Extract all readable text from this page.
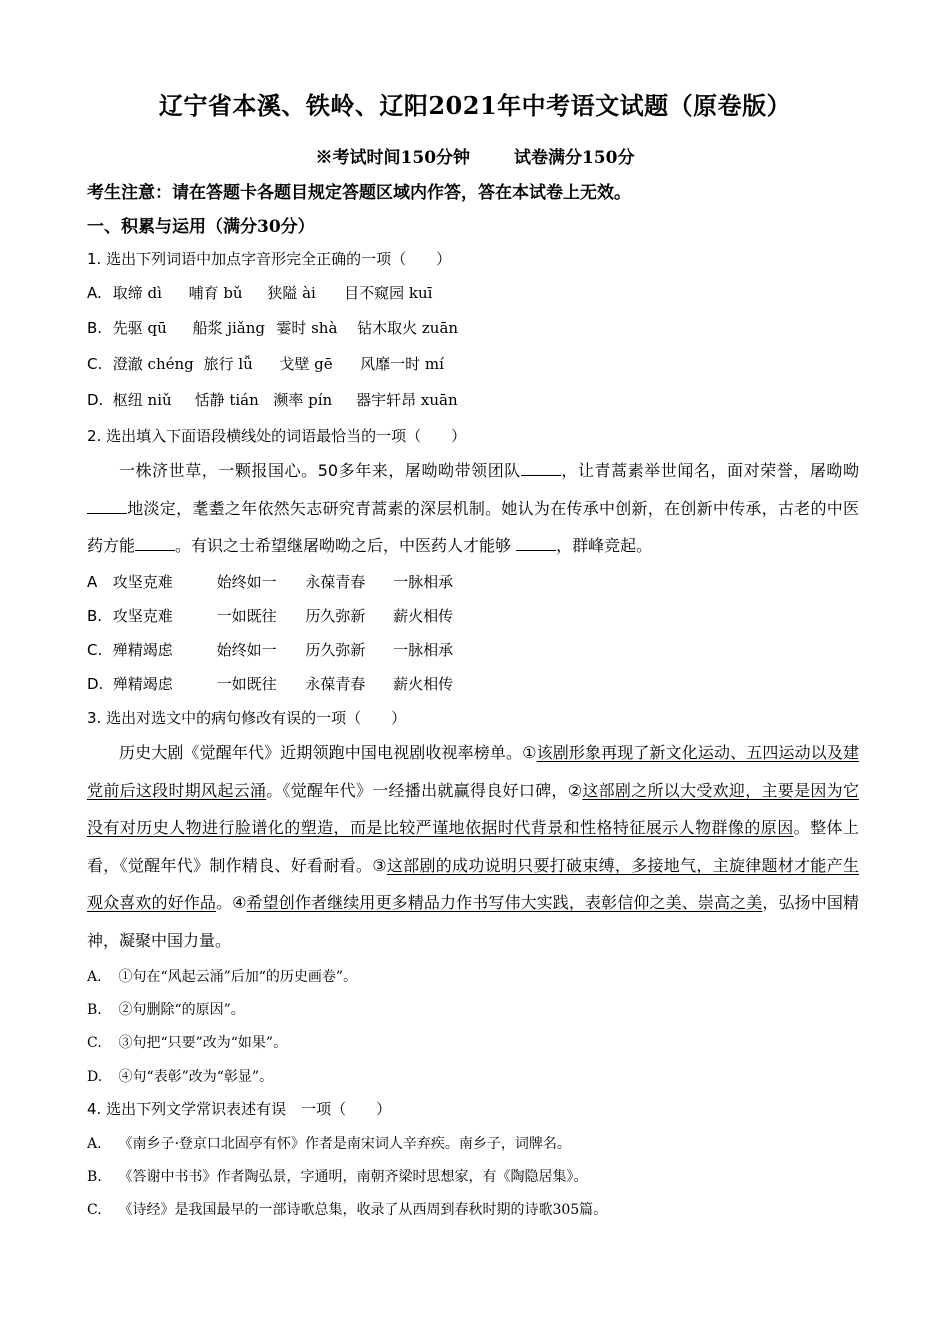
辽宁省本溪、铁岭、辽阳2021年中考语文试题（原卷版）
※考试时间150分钟	试卷满分150分
考生注意：请在答题卡各题目规定答题区域内作答，答在本试卷上无效。
一、积累与运用（满分30分）
1. 选出下列词语中加点字音形完全正确的一项（　　）
A. 取缔 dì 哺育 bǔ 狭隘 ài 目不窥园 kuī
B. 先驱 qū 船浆 jiǎng 霎时 shà 钻木取火 zuān
C. 澄澈 chéng 旅行 lǚ 戈壁 gē 风靡一时 mí
D. 枢纽 niǔ 恬静 tián 濒率 pín 器宇轩昂 xuān
2. 选出填入下面语段横线处的词语最恰当的一项（　　）

一株济世草，一颗报国心。50多年来，屠呦呦带领团队	，让青蒿素举世闻名，面对荣誉，屠呦呦地淡定，耄耋之年依然矢志研究青蒿素的深层机制。她认为在传承中创新，在创新中传承，古老的中医药方能	。有识之士希望继屠呦呦之后，中医药人才能够	，群峰竞起。

A 攻坚克难	始终如一 永葆青春 一脉相承
B. 攻坚克难	一如既往 历久弥新 薪火相传
C. 殚精竭虑	始终如一 历久弥新 一脉相承
D. 殚精竭虑	一如既往 永葆青春 薪火相传
3. 选出对选文中的病句修改有误的一项（　　）

历史大剧《觉醒年代》近期领跑中国电视剧收视率榜单。①该剧形象再现了新文化运动、五四运动以及建党前后这段时期风起云涌。《觉醒年代》一经播出就赢得良好口碑，②这部剧之所以大受欢迎，主要是因为它没有对历史人物进行脸谱化的塑造，而是比较严谨地依据时代背景和性格特征展示人物群像的原因。整体上看，《觉醒年代》制作精良、好看耐看。③这部剧的成功说明只要打破束缚，多接地气，主旋律题材才能产生观众喜欢的好作品。④希望创作者继续用更多精品力作书写伟大实践，表彰信仰之美、崇高之美，弘扬中国精神，凝聚中国力量。

A. ①句在“风起云涌”后加“的历史画卷”。
B. ②句删除“的原因”。
C. ③句把“只要”改为“如果”。
D. ④句“表彰”改为“彰显”。
4. 选出下列文学常识表述有误　一项（　　）
A. 《南乡子·登京口北固亭有怀》作者是南宋词人辛弃疾。南乡子，词牌名。
B. 《答谢中书书》作者陶弘景，字通明，南朝齐梁时思想家，有《陶隐居集》。
C. 《诗经》是我国最早的一部诗歌总集，收录了从西周到春秋时期的诗歌305篇。
